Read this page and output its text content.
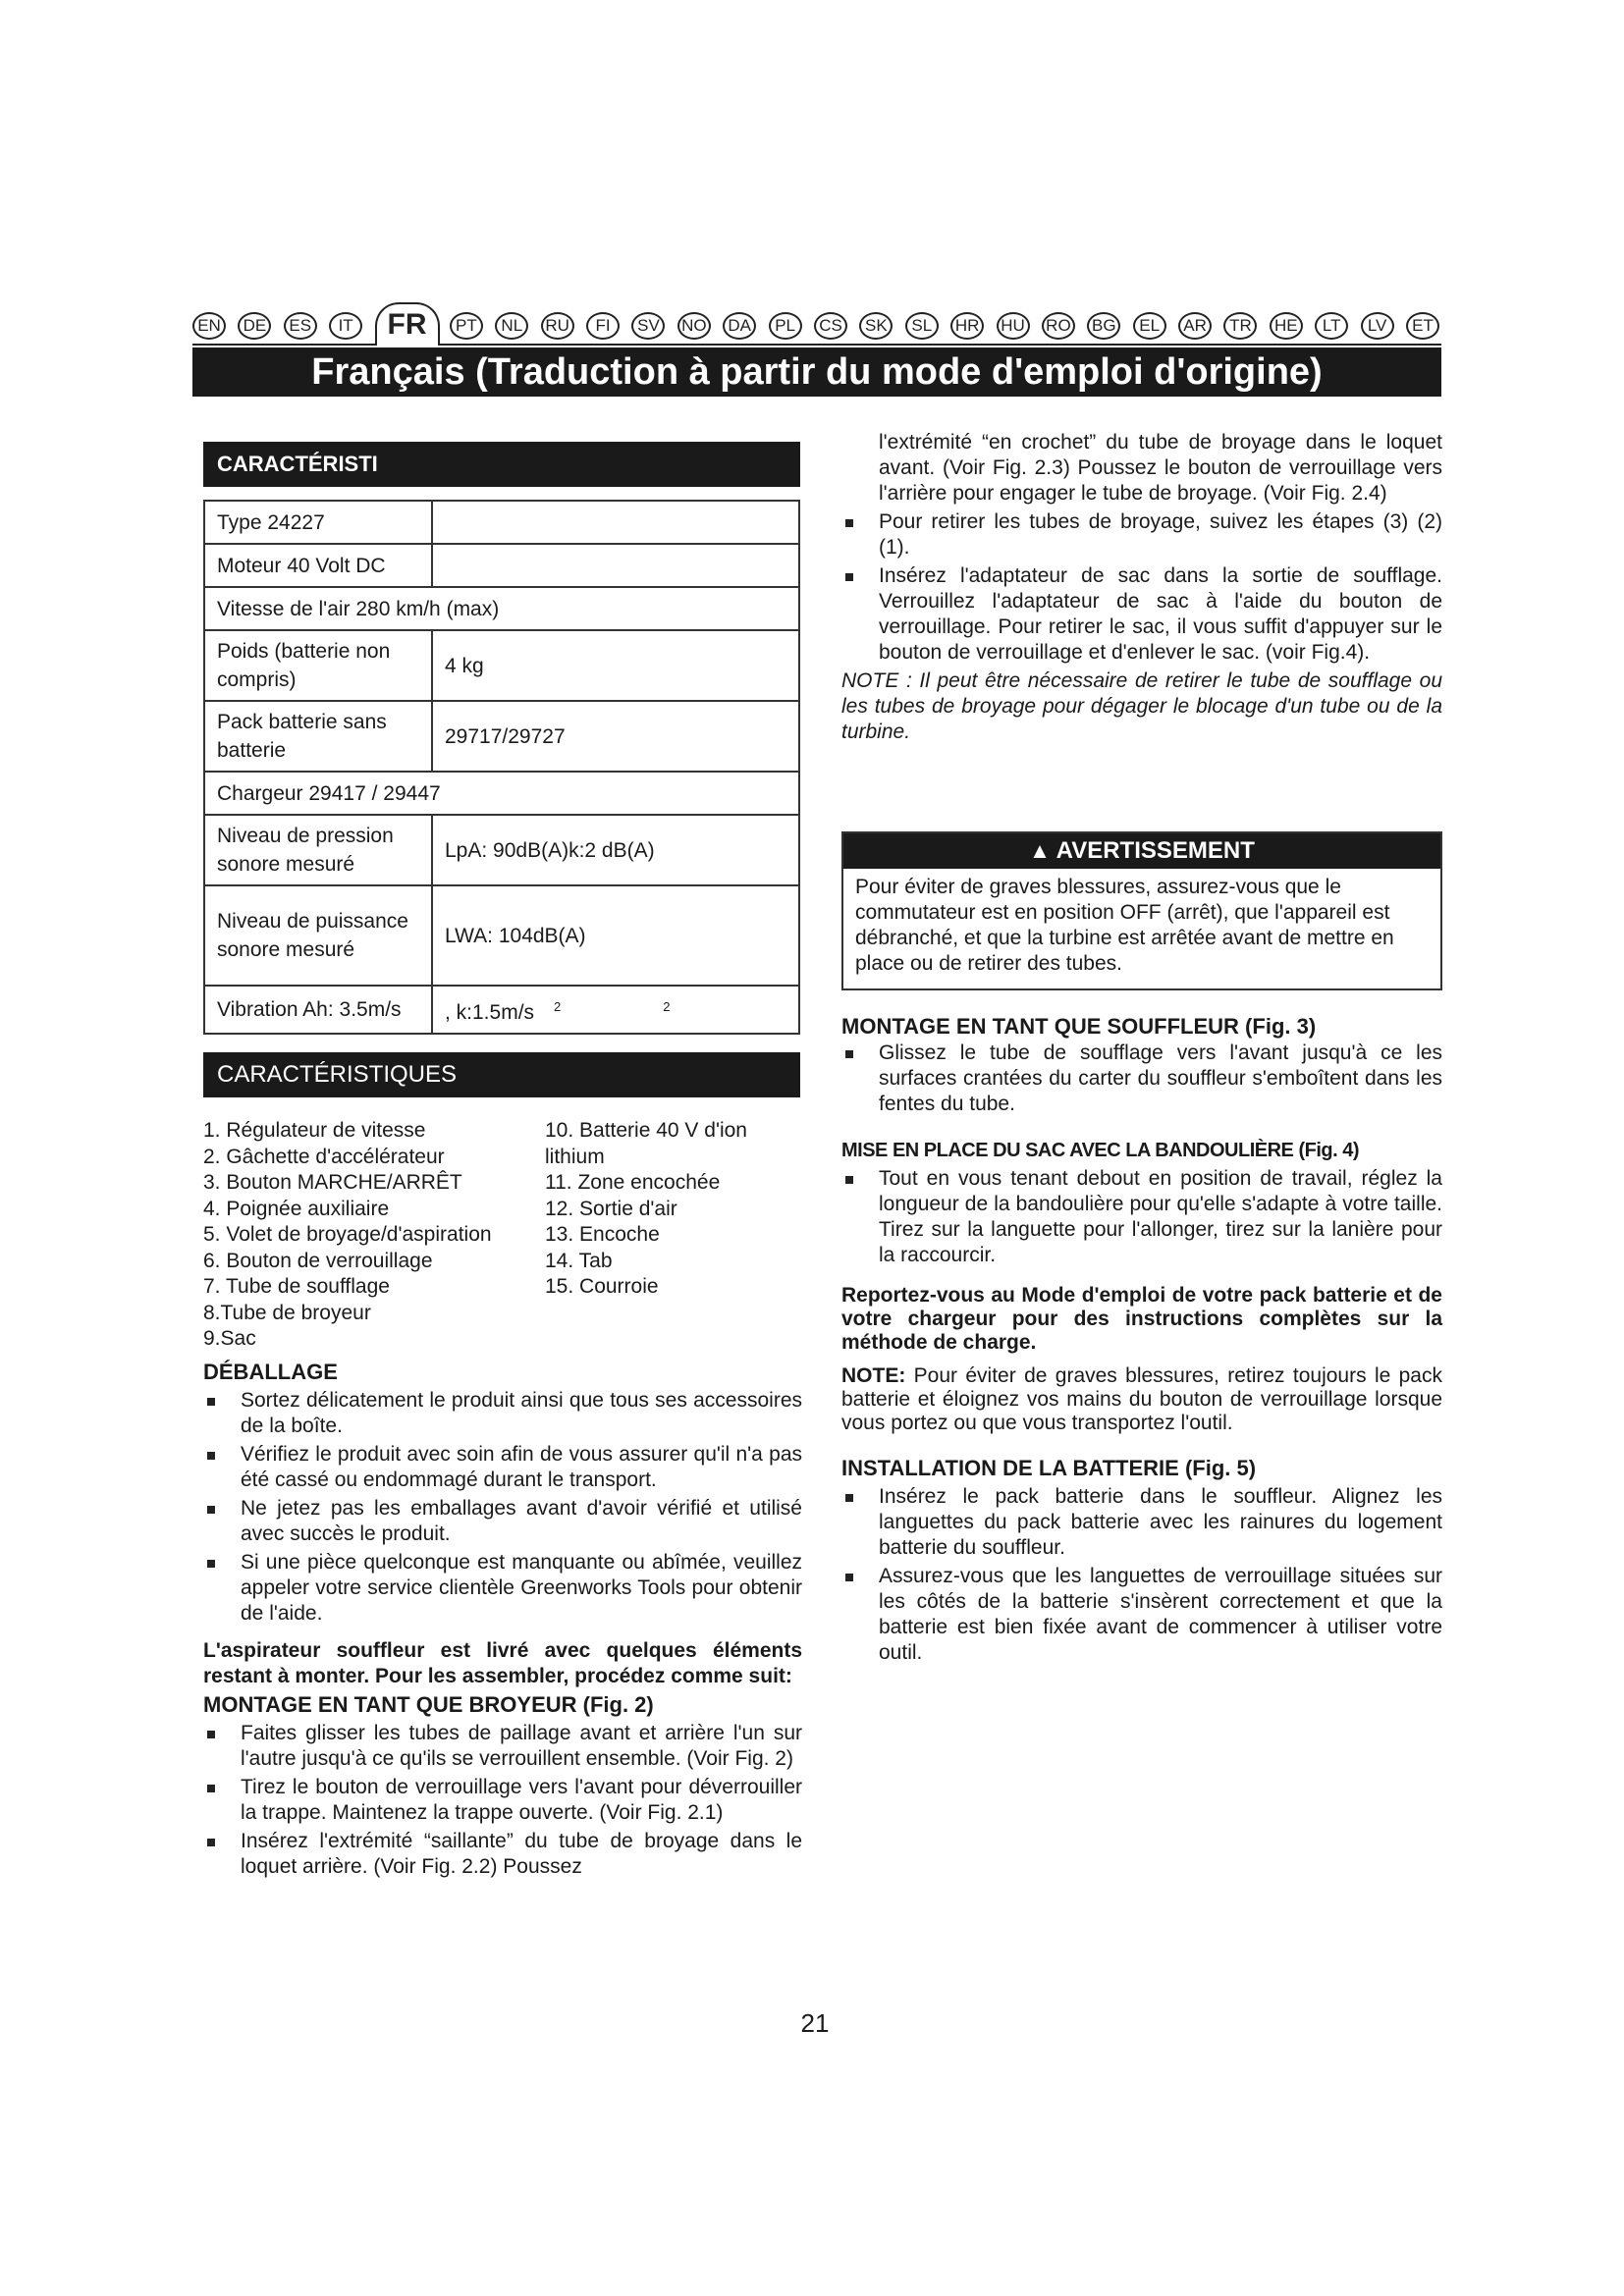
EN	DE	ES	IT	FR	PT	NL	RU	FI	SV	NO	DA	PL	CS	SK	SL	HR HU RO BG	EL	AR	TR	HE	LT	LV	ET
Français (Traduction à partir du mode d'emploi d'origine)
CARACTÉRISTI
Type 24227	
Moteur 40 Volt DC	
Vitesse de l'air 280 km/h (max)	
Poids (batterie non compris)	4 kg
Pack batterie sans batterie	29717/29727
Chargeur 29417 / 29447	
Niveau de pression sonore mesuré	LpA: 90dB(A)k:2 dB(A)
Niveau de puissance sonore mesuré	LWA: 104dB(A)
Vibration Ah: 3.5m/s	, k:1.5m/s $^2$ $^2$
CARACTÉRISTIQUES
1. Régulateur de vitesse
2. Gâchette d'accélérateur
3. Bouton MARCHE/ARRÊT
4. Poignée auxiliaire
5. Volet de broyage/d'aspiration
6. Bouton de verrouillage
7. Tube de soufflage
8.Tube de broyeur
9.Sac
10. Batterie 40 V d'ion lithium
11. Zone encochée
12. Sortie d'air
13. Encoche
14. Tab
15. Courroie
DÉBALLAGE
Sortez délicatement le produit ainsi que tous ses accessoires de la boîte.
Vérifiez le produit avec soin afin de vous assurer qu'il n'a pas été cassé ou endommagé durant le transport.
Ne jetez pas les emballages avant d'avoir vérifié et utilisé avec succès le produit.
Si une pièce quelconque est manquante ou abîmée, veuillez appeler votre service clientèle Greenworks Tools pour obtenir de l'aide.
L'aspirateur souffleur est livré avec quelques éléments restant à monter. Pour les assembler, procédez comme suit:
MONTAGE EN TANT QUE BROYEUR (Fig. 2)
Faites glisser les tubes de paillage avant et arrière l'un sur l'autre jusqu'à ce qu'ils se verrouillent ensemble. (Voir Fig. 2)
Tirez le bouton de verrouillage vers l'avant pour déverrouiller la trappe. Maintenez la trappe ouverte. (Voir Fig. 2.1)
Insérez l'extrémité “saillante” du tube de broyage dans le loquet arrière. (Voir Fig. 2.2) Poussez
l'extrémité “en crochet” du tube de broyage dans le loquet avant. (Voir Fig. 2.3) Poussez le bouton de verrouillage vers l'arrière pour engager le tube de broyage. (Voir Fig. 2.4)
Pour retirer les tubes de broyage, suivez les étapes (3) (2) (1).
Insérez l'adaptateur de sac dans la sortie de soufflage. Verrouillez l'adaptateur de sac à l'aide du bouton de verrouillage. Pour retirer le sac, il vous suffit d'appuyer sur le bouton de verrouillage et d'enlever le sac. (voir Fig.4).
NOTE : Il peut être nécessaire de retirer le tube de soufflage ou les tubes de broyage pour dégager le blocage d'un tube ou de la turbine.
▲ AVERTISSEMENT
Pour éviter de graves blessures, assurez-vous que le commutateur est en position OFF (arrêt), que l'appareil est débranché, et que la turbine est arrêtée avant de mettre en place ou de retirer des tubes.
MONTAGE EN TANT QUE SOUFFLEUR (Fig. 3)
Glissez le tube de soufflage vers l'avant jusqu'à ce les surfaces crantées du carter du souffleur s'emboîtent dans les fentes du tube.
MISE EN PLACE DU SAC AVEC LA BANDOULIÈRE (Fig. 4)
Tout en vous tenant debout en position de travail, réglez la longueur de la bandoulière pour qu'elle s'adapte à votre taille. Tirez sur la languette pour l'allonger, tirez sur la lanière pour la raccourcir.
Reportez-vous au Mode d'emploi de votre pack batterie et de votre chargeur pour des instructions complètes sur la méthode de charge.
NOTE: Pour éviter de graves blessures, retirez toujours le pack batterie et éloignez vos mains du bouton de verrouillage lorsque vous portez ou que vous transportez l'outil.
INSTALLATION DE LA BATTERIE (Fig. 5)
Insérez le pack batterie dans le souffleur. Alignez les languettes du pack batterie avec les rainures du logement batterie du souffleur.
Assurez-vous que les languettes de verrouillage situées sur les côtés de la batterie s'insèrent correctement et que la batterie est bien fixée avant de commencer à utiliser votre outil.
21
